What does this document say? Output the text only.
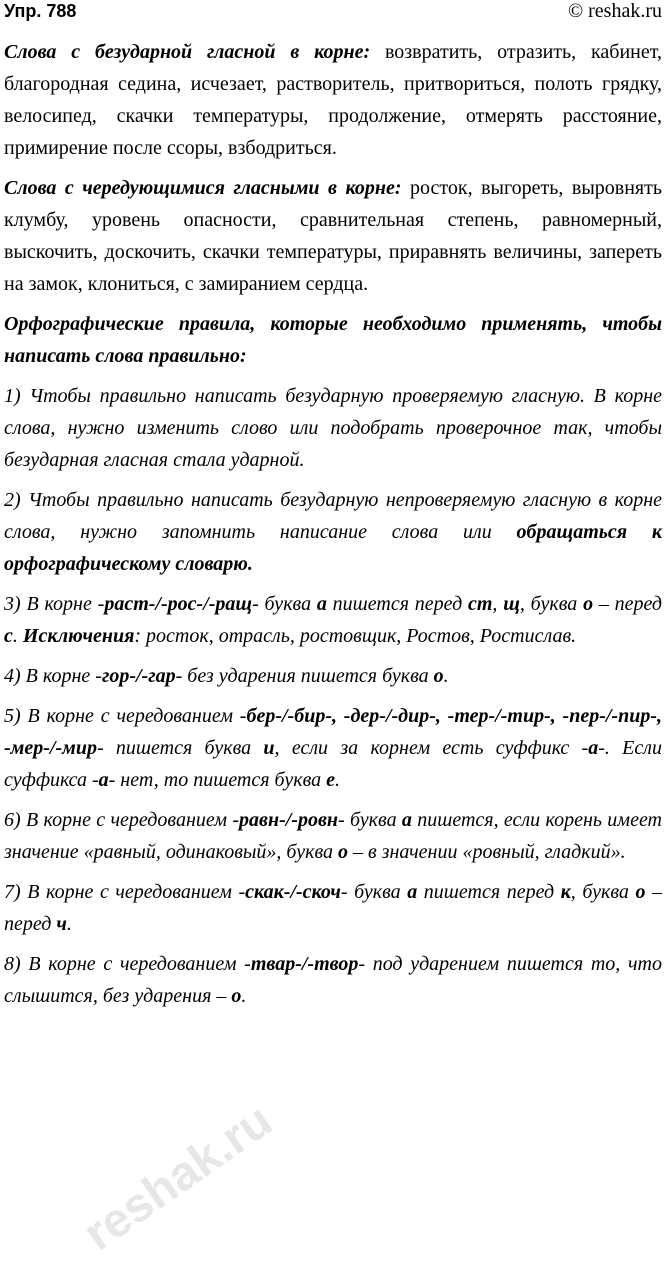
Упр. 788	© reshak.ru

Слова с безударной гласной в корне: возвратить, отразить, кабинет, благородная седина, исчезает, растворитель, притвориться, полоть грядку, велосипед, скачки температуры, продолжение, отмерять расстояние, примирение после ссоры, взбодриться.

Слова с чередующимися гласными в корне: росток, выгореть, выровнять клумбу, уровень опасности, сравнительная степень, равномерный, выскочить, доскочить, скачки температуры, приравнять величины, запереть на замок, клониться, с замиранием сердца.

Орфографические правила, которые необходимо применять, чтобы написать слова правильно:

1) Чтобы правильно написать безударную проверяемую гласную. В корне слова, нужно изменить слово или подобрать проверочное так, чтобы безударная гласная стала ударной.

2) Чтобы правильно написать безударную непроверяемую гласную в корне слова, нужно запомнить написание слова или обращаться к орфографическому словарю.

3) В корне -раст-/-рос-/-ращ- буква а пишется перед ст, щ, буква о – перед с. Исключения: росток, отрасль, ростовщик, Ростов, Ростислав.

4) В корне -гор-/-гар- без ударения пишется буква о.

5) В корне с чередованием -бер-/-бир-, -дер-/-дир-, -тер-/-тир-, -пер-/-пир-, -мер-/-мир- пишется буква и, если за корнем есть суффикс -а-. Если суффикса -а- нет, то пишется буква е.

6) В корне с чередованием -равн-/-ровн- буква а пишется, если корень имеет значение «равный, одинаковый», буква о – в значении «ровный, гладкий».

7) В корне с чередованием -скак-/-скоч- буква а пишется перед к, буква о – перед ч.

8) В корне с чередованием -твар-/-твор- под ударением пишется то, что слышится, без ударения – о.

reshak.ru
